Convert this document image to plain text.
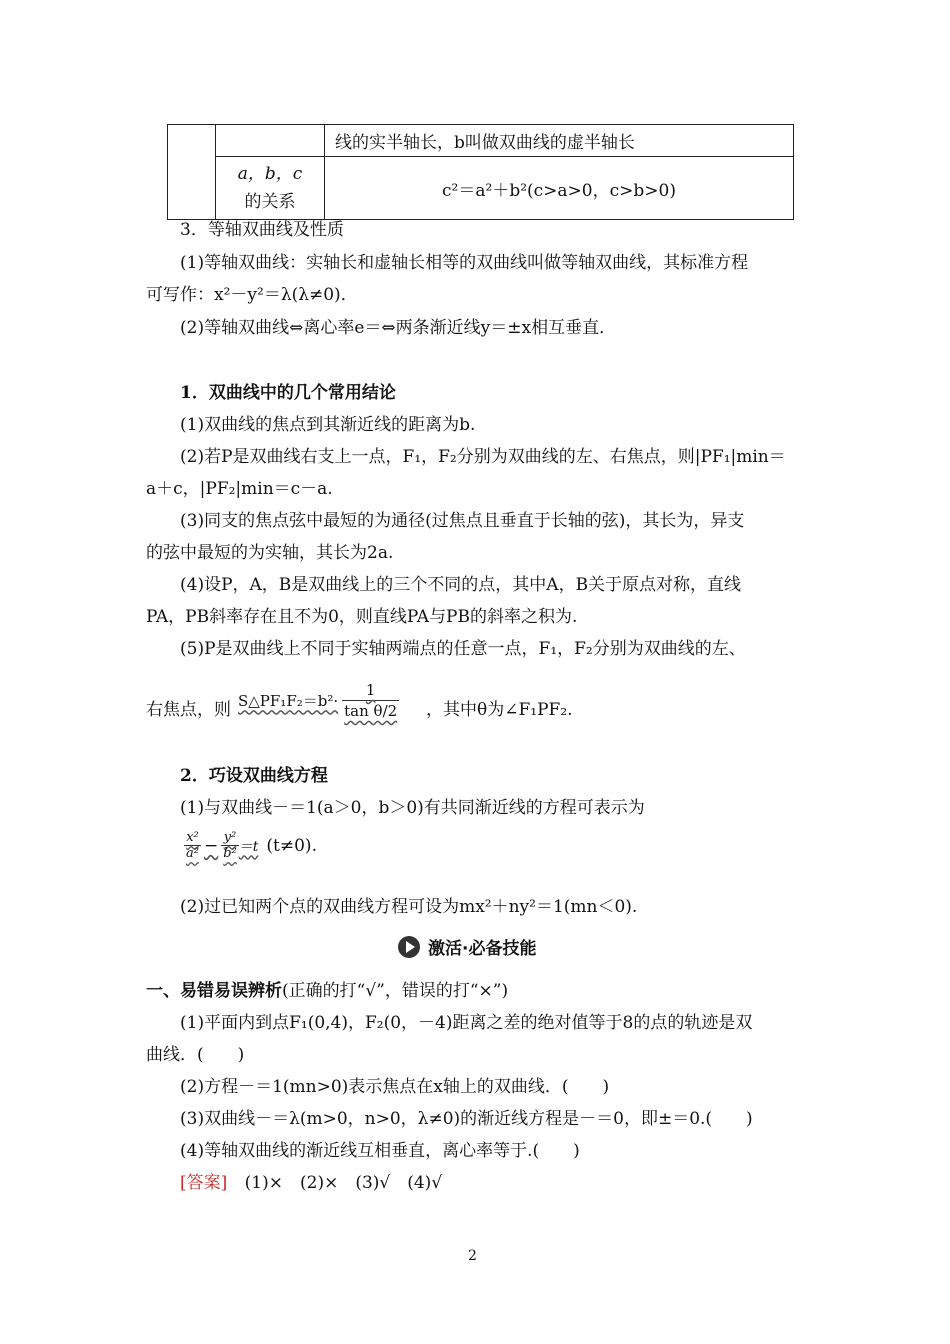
		线的实半轴长，b叫做双曲线的虚半轴长

	a，b，c
的关系	c²＝a²＋b²(c>a>0，c>b>0)
3．等轴双曲线及性质
(1)等轴双曲线：实轴长和虚轴长相等的双曲线叫做等轴双曲线，其标准方程
可写作：x²－y²＝λ(λ≠0)．
(2)等轴双曲线⇔离心率e＝⇔两条渐近线y＝±x相互垂直．
1．双曲线中的几个常用结论
(1)双曲线的焦点到其渐近线的距离为b.
(2)若P是双曲线右支上一点，F₁，F₂分别为双曲线的左、右焦点，则|PF₁|min＝
a＋c，|PF₂|min＝c－a.
(3)同支的焦点弦中最短的为通径(过焦点且垂直于长轴的弦)，其长为，异支
的弦中最短的为实轴，其长为2a.
(4)设P，A，B是双曲线上的三个不同的点，其中A，B关于原点对称，直线
PA，PB斜率存在且不为0，则直线PA与PB的斜率之积为.
(5)P是双曲线上不同于实轴两端点的任意一点，F₁，F₂分别为双曲线的左、
右焦点，则 S△PF₁F₂＝b²· $\frac{1}{\text{tan θ/2}}$ ，其中θ为∠F₁PF₂.
2．巧设双曲线方程
(1)与双曲线－＝1(a＞0，b＞0)有共同渐近线的方程可表示为
$\frac{\text{x²}}{\text{a²}} - \frac{\text{y²}}{\text{b²}} =t$ (t≠0).
(2)过已知两个点的双曲线方程可设为mx²＋ny²＝1(mn＜0).
激活·必备技能
一、易错易误辨析(正确的打“√”，错误的打“×”)
(1)平面内到点F₁(0,4)，F₂(0，－4)距离之差的绝对值等于8的点的轨迹是双
曲线．(　　)
(2)方程－＝1(mn>0)表示焦点在x轴上的双曲线．(　　)
(3)双曲线－＝λ(m>0，n>0，λ≠0)的渐近线方程是－＝0，即±＝0.(　　)
(4)等轴双曲线的渐近线互相垂直，离心率等于.(　　)
[答案] (1)×　(2)×　(3)√　(4)√
2
